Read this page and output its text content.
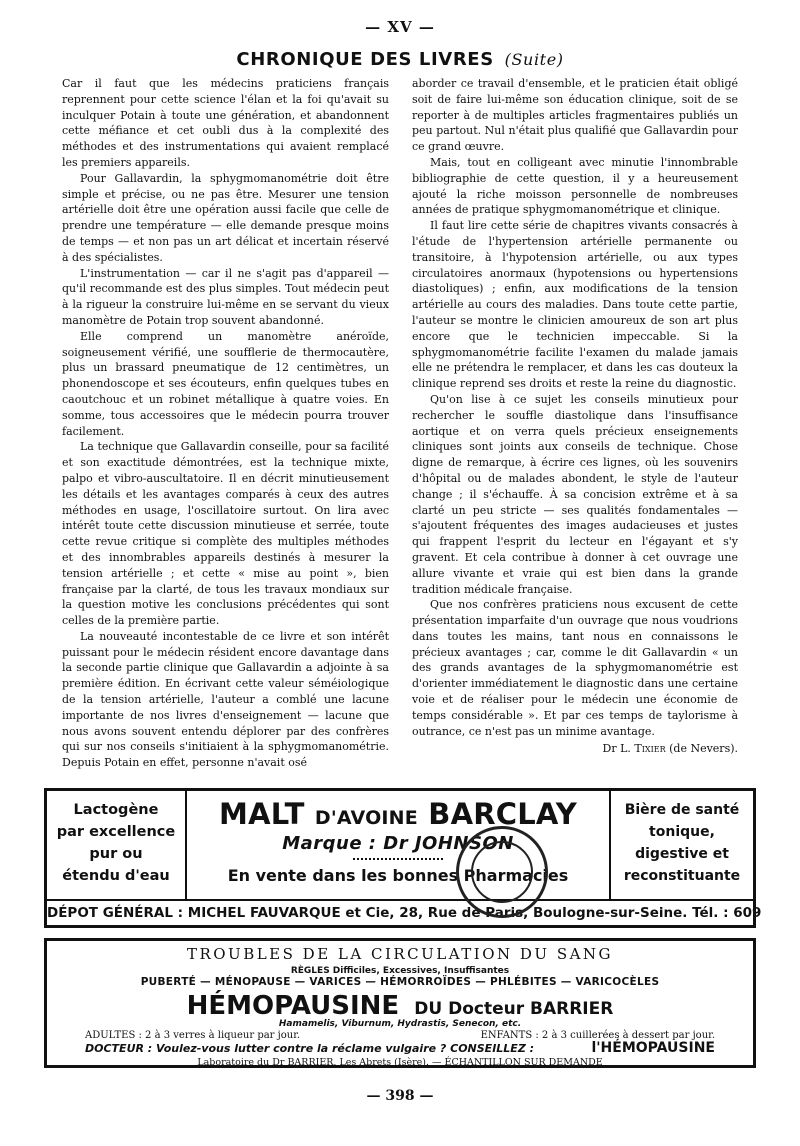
— XV —
CHRONIQUE DES LIVRES (Suite)

Car il faut que les médecins praticiens français reprennent pour cette science l'élan et la foi qu'avait su inculquer Potain à toute une génération, et abandonnent cette méfiance et cet oubli dus à la complexité des méthodes et des instrumentations qui avaient remplacé les premiers appareils.

Pour Gallavardin, la sphygmomanométrie doit être simple et précise, ou ne pas être. Mesurer une tension artérielle doit être une opération aussi facile que celle de prendre une température — elle demande presque moins de temps — et non pas un art délicat et incertain réservé à des spécialistes.

L'instrumentation — car il ne s'agit pas d'appareil — qu'il recommande est des plus simples. Tout médecin peut à la rigueur la construire lui-même en se servant du vieux manomètre de Potain trop souvent abandonné.

Elle comprend un manomètre anéroïde, soigneusement vérifié, une soufflerie de thermocautère, plus un brassard pneumatique de 12 centimètres, un phonendoscope et ses écouteurs, enfin quelques tubes en caoutchouc et un robinet métallique à quatre voies. En somme, tous accessoires que le médecin pourra trouver facilement.

La technique que Gallavardin conseille, pour sa facilité et son exactitude démontrées, est la technique mixte, palpo et vibro-auscultatoire. Il en décrit minutieusement les détails et les avantages comparés à ceux des autres méthodes en usage, l'oscillatoire surtout. On lira avec intérêt toute cette discussion minutieuse et serrée, toute cette revue critique si complète des multiples méthodes et des innombrables appareils destinés à mesurer la tension artérielle ; et cette « mise au point », bien française par la clarté, de tous les travaux mondiaux sur la question motive les conclusions précédentes qui sont celles de la première partie.

La nouveauté incontestable de ce livre et son intérêt puissant pour le médecin résident encore davantage dans la seconde partie clinique que Gallavardin a adjointe à sa première édition. En écrivant cette valeur séméiologique de la tension artérielle, l'auteur a comblé une lacune importante de nos livres d'enseignement — lacune que nous avons souvent entendu déplorer par des confrères qui sur nos conseils s'initiaient à la sphygmomanométrie. Depuis Potain en effet, personne n'avait osé

aborder ce travail d'ensemble, et le praticien était obligé soit de faire lui-même son éducation clinique, soit de se reporter à de multiples articles fragmentaires publiés un peu partout. Nul n'était plus qualifié que Gallavardin pour ce grand œuvre.

Mais, tout en colligeant avec minutie l'innombrable bibliographie de cette question, il y a heureusement ajouté la riche moisson personnelle de nombreuses années de pratique sphygmomanométrique et clinique.

Il faut lire cette série de chapitres vivants consacrés à l'étude de l'hypertension artérielle permanente ou transitoire, à l'hypotension artérielle, ou aux types circulatoires anormaux (hypotensions ou hypertensions diastoliques) ; enfin, aux modifications de la tension artérielle au cours des maladies. Dans toute cette partie, l'auteur se montre le clinicien amoureux de son art plus encore que le technicien impeccable. Si la sphygmomanométrie facilite l'examen du malade jamais elle ne prétendra le remplacer, et dans les cas douteux la clinique reprend ses droits et reste la reine du diagnostic.

Qu'on lise à ce sujet les conseils minutieux pour rechercher le souffle diastolique dans l'insuffisance aortique et on verra quels précieux enseignements cliniques sont joints aux conseils de technique. Chose digne de remarque, à écrire ces lignes, où les souvenirs d'hôpital ou de malades abondent, le style de l'auteur change ; il s'échauffe. À sa concision extrême et à sa clarté un peu stricte — ses qualités fondamentales — s'ajoutent fréquentes des images audacieuses et justes qui frappent l'esprit du lecteur en l'égayant et s'y gravent. Et cela contribue à donner à cet ouvrage une allure vivante et vraie qui est bien dans la grande tradition médicale française.

Que nos confrères praticiens nous excusent de cette présentation imparfaite d'un ouvrage que nous voudrions dans toutes les mains, tant nous en connaissons le précieux avantages ; car, comme le dit Gallavardin « un des grands avantages de la sphygmomanométrie est d'orienter immédiatement le diagnostic dans une certaine voie et de réaliser pour le médecin une économie de temps considérable ». Et par ces temps de taylorisme à outrance, ce n'est pas un minime avantage.

Dr L. Tixier (de Nevers).
Lactogène
par excellence
pur ou
étendu d'eau
MALT D'AVOINE BARCLAY
Marque : Dr JOHNSON
En vente dans les bonnes Pharmacies
Bière de santé
tonique,
digestive et
reconstituante
DÉPOT GÉNÉRAL : MICHEL FAUVARQUE et Cie, 28, Rue de Paris, Boulogne-sur-Seine. Tél. : 609
TROUBLES DE LA CIRCULATION DU SANG
RÈGLES Difficiles, Excessives, Insuffisantes
PUBERTÉ — MÉNOPAUSE — VARICES — HÉMORROÏDES — PHLÉBITES — VARICOCÈLES
HÉMOPAUSINE DU Docteur BARRIER
Hamamelis, Viburnum, Hydrastis, Senecon, etc.
ADULTES : 2 à 3 verres à liqueur par jour.	ENFANTS : 2 à 3 cuillerées à dessert par jour.
DOCTEUR : Voulez-vous lutter contre la réclame vulgaire ? CONSEILLEZ :	l'HÉMOPAUSINE
Laboratoire du Dr BARRIER, Les Abrets (Isère). — ÉCHANTILLON SUR DEMANDE
— 398 —
